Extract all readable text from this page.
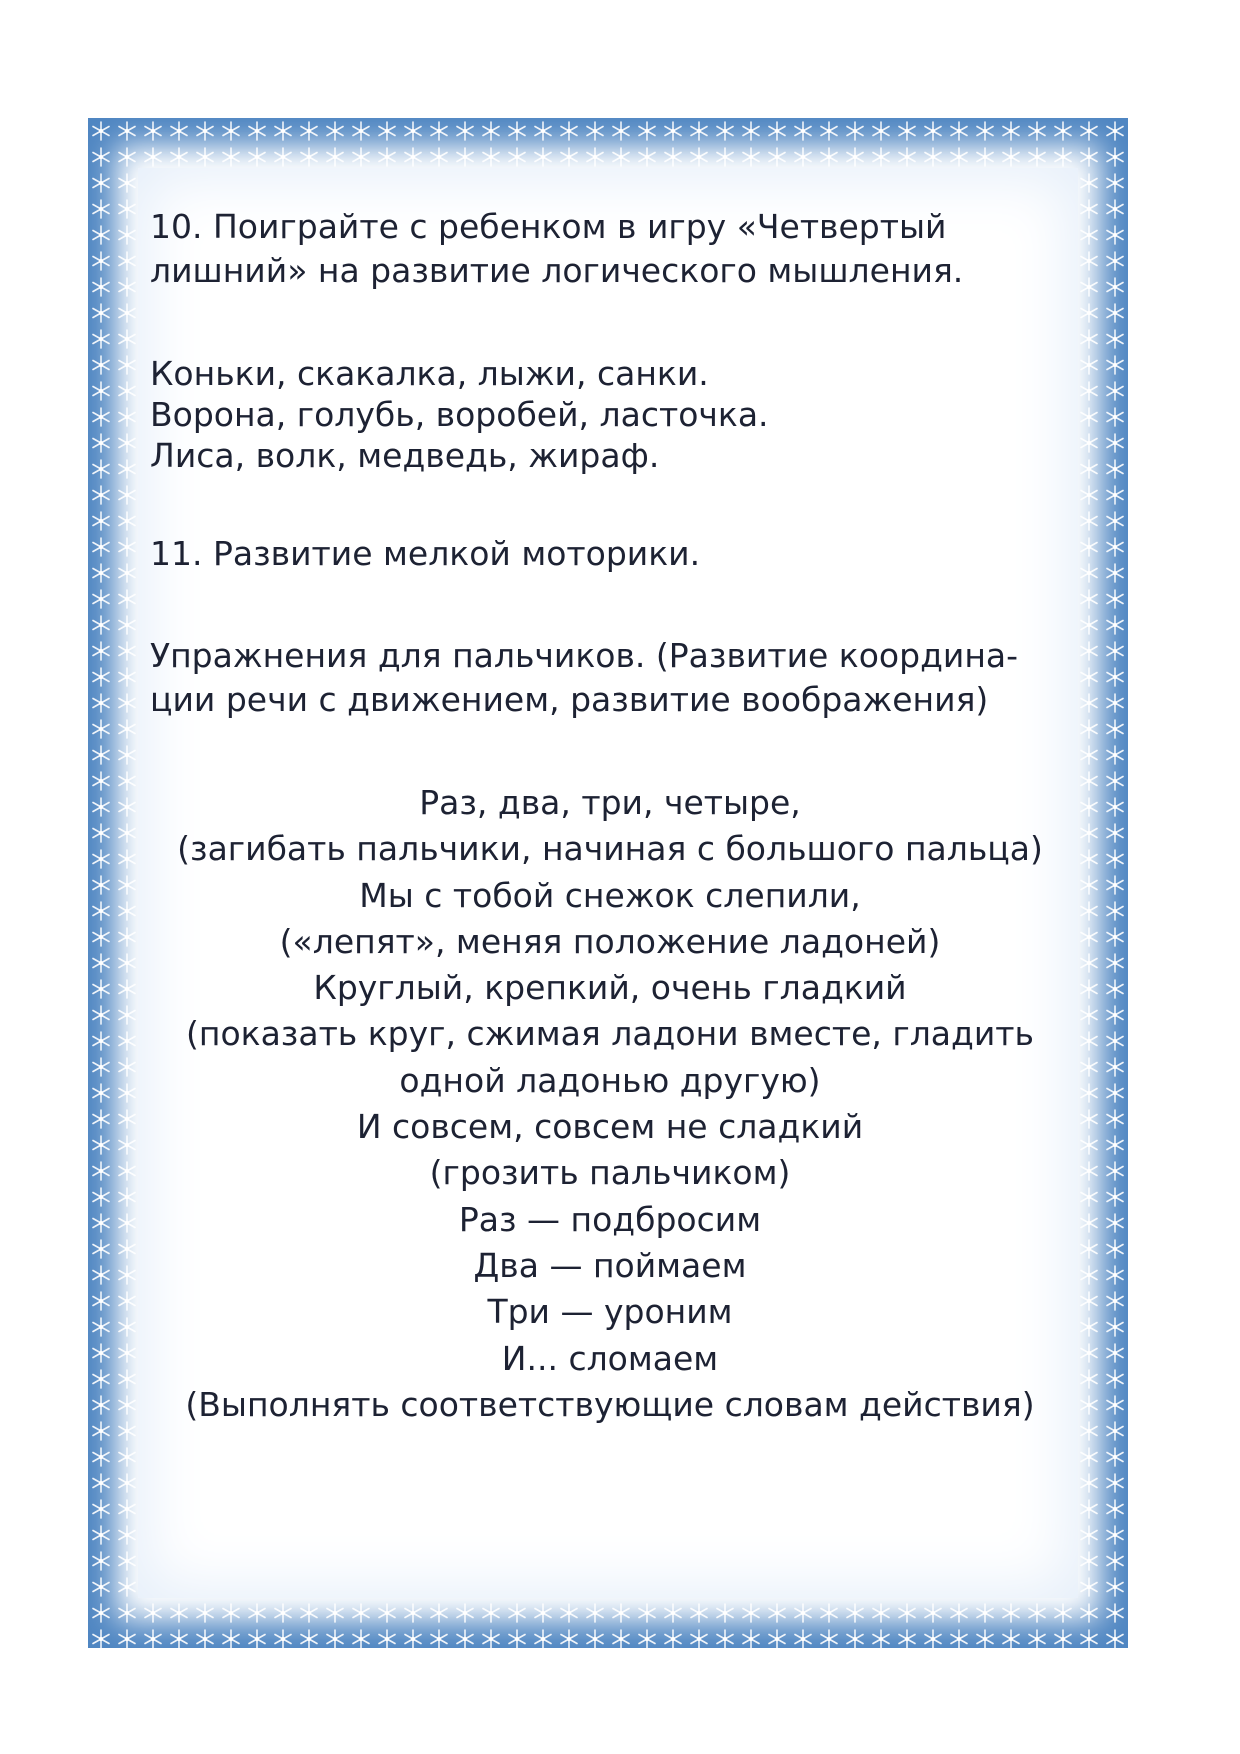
10. Поиграйте с ребенком в игру «Четвертый

лишний» на развитие логического мышления.

Коньки, скакалка, лыжи, санки.

Ворона, голубь, воробей, ласточка.

Лиса, волк, медведь, жираф.

11. Развитие мелкой моторики.

Упражнения для пальчиков. (Развитие координа-

ции речи с движением, развитие воображения)

Раз, два, три, четыре,

(загибать пальчики, начиная с большого пальца)

Мы с тобой снежок слепили,

(«лепят», меняя положение ладоней)

Круглый, крепкий, очень гладкий

(показать круг, сжимая ладони вместе, гладить

одной ладонью другую)

И совсем, совсем не сладкий

(грозить пальчиком)

Раз — подбросим

Два — поймаем

Три — уроним

И... сломаем

(Выполнять соответствующие словам действия)
